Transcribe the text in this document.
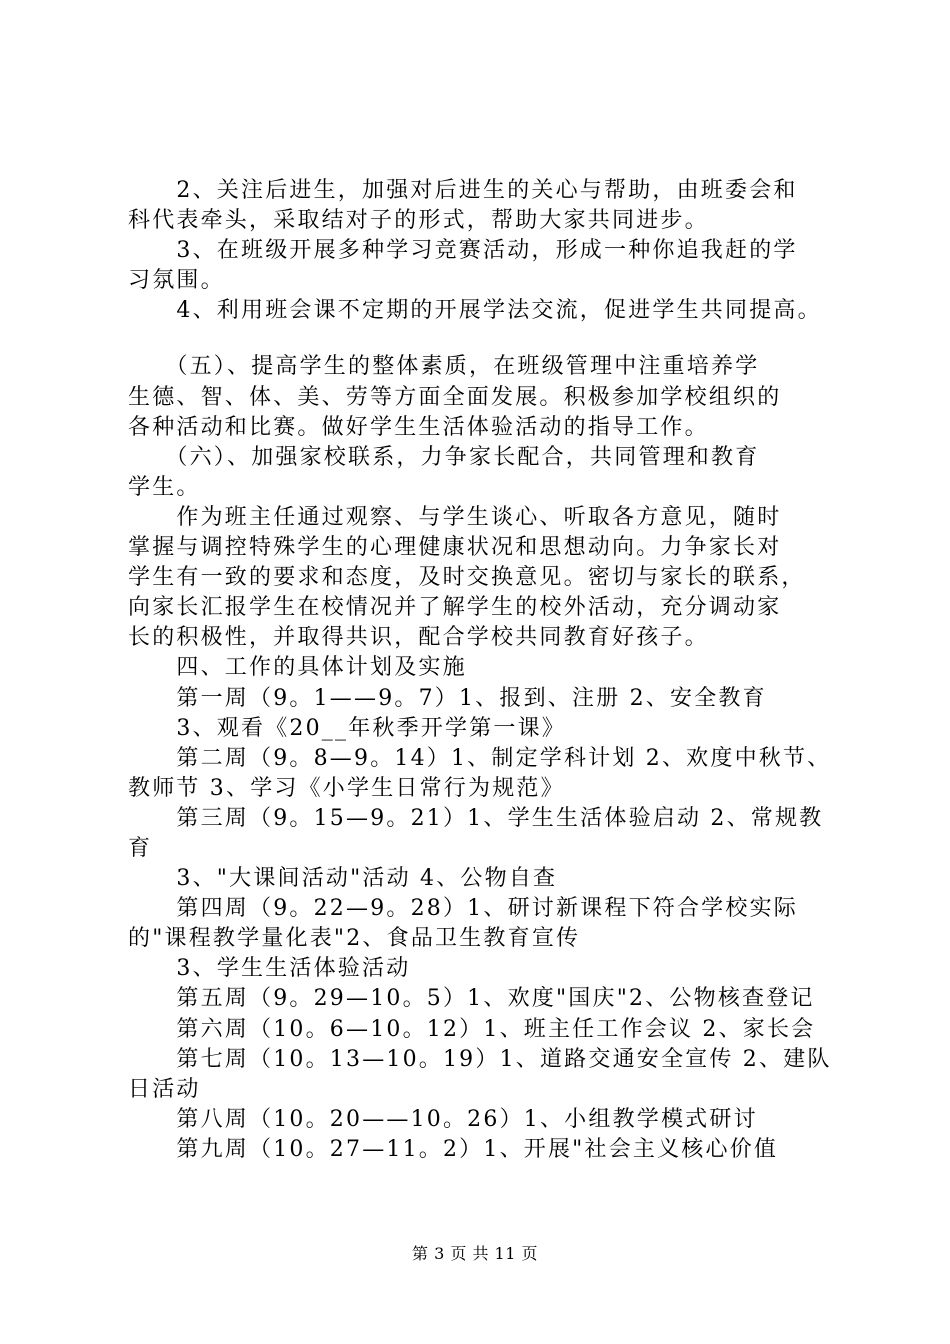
　　2、关注后进生，加强对后进生的关心与帮助，由班委会和
科代表牵头，采取结对子的形式，帮助大家共同进步。
　　3、在班级开展多种学习竞赛活动，形成一种你追我赶的学
习氛围。
　　4、利用班会课不定期的开展学法交流，促进学生共同提高。
　　（五）、提高学生的整体素质，在班级管理中注重培养学
生德、智、体、美、劳等方面全面发展。积极参加学校组织的
各种活动和比赛。做好学生生活体验活动的指导工作。
　　（六）、加强家校联系，力争家长配合，共同管理和教育
学生。
　　作为班主任通过观察、与学生谈心、听取各方意见，随时
掌握与调控特殊学生的心理健康状况和思想动向。力争家长对
学生有一致的要求和态度，及时交换意见。密切与家长的联系，
向家长汇报学生在校情况并了解学生的校外活动，充分调动家
长的积极性，并取得共识，配合学校共同教育好孩子。
　　四、工作的具体计划及实施
　　第一周（9。1——9。7）1、报到、注册 2、安全教育
　　3、观看《20__年秋季开学第一课》
　　第二周（9。8—9。14）1、制定学科计划 2、欢度中秋节、
教师节 3、学习《小学生日常行为规范》
　　第三周（9。15—9。21）1、学生生活体验启动 2、常规教
育
　　3、"大课间活动"活动 4、公物自查
　　第四周（9。22—9。28）1、研讨新课程下符合学校实际
的"课程教学量化表"2、食品卫生教育宣传
　　3、学生生活体验活动
　　第五周（9。29—10。5）1、欢度"国庆"2、公物核查登记
　　第六周（10。6—10。12）1、班主任工作会议 2、家长会
　　第七周（10。13—10。19）1、道路交通安全宣传 2、建队
日活动
　　第八周（10。20——10。26）1、小组教学模式研讨
　　第九周（10。27—11。2）1、开展"社会主义核心价值
第 3 页 共 11 页
